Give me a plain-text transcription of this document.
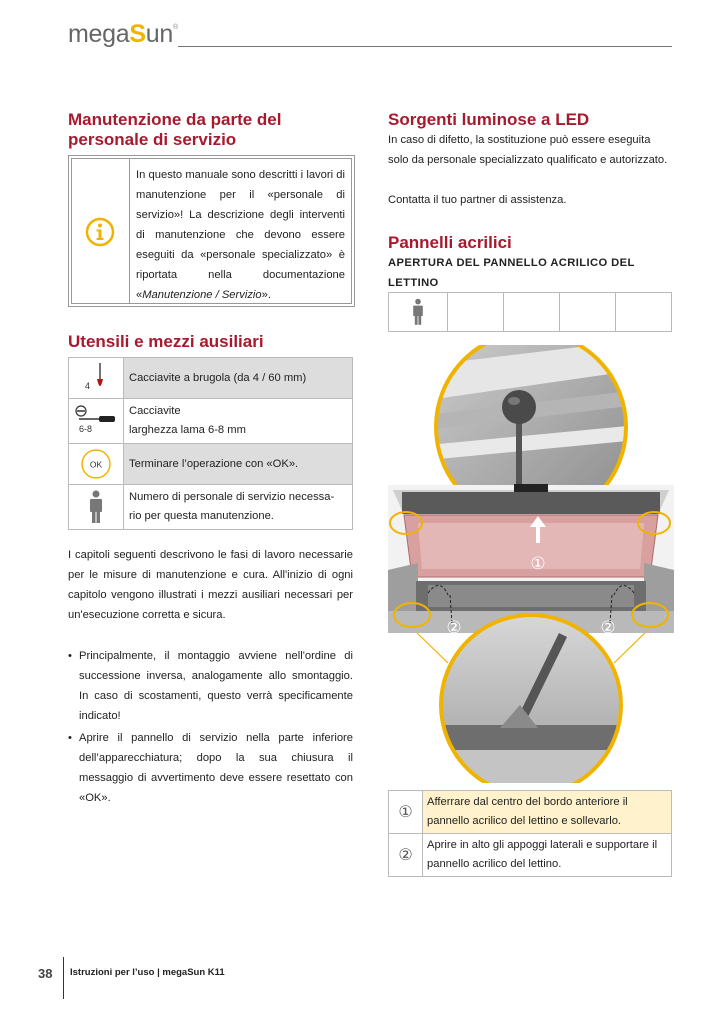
megaSun®
Manutenzione da parte del
personale di servizio
In questo manuale sono descritti i lavori di manutenzione per il «personale di servizio»! La descrizione degli interventi di manutenzione che devono essere eseguiti da «personale specializzato» è riportata nella documentazione «Manutenzione / Servizio».
Utensili e mezzi ausiliari
4	Cacciavite a brugola (da 4 / 60 mm)

6-8	Cacciavite
larghezza lama 6-8 mm

OK	Terminare l’operazione con «OK».

	Numero di personale di servizio necessa-
rio per questa manutenzione.

I capitoli seguenti descrivono le fasi di lavoro necessarie per le misure di manutenzione e cura. All'inizio di ogni capitolo vengono illustrati i mezzi ausiliari necessari per un'esecuzione corretta e sicura.

• Principalmente, il montaggio avviene nell'ordine di successione inversa, analogamente allo smontaggio. In caso di scostamenti, questo verrà specificamente indicato!
• Aprire il pannello di servizio nella parte inferiore dell’apparecchiatura; dopo la sua chiusura il messaggio di avvertimento deve essere resettato con «OK».
Sorgenti luminose a LED

In caso di difetto, la sostituzione può essere eseguita solo da personale specializzato qualificato e autorizzato.

Contatta il tuo partner di assistenza.

Pannelli acrilici
APERTURA DEL PANNELLO ACRILICO DEL
LETTINO

①
②	②
①	Afferrare dal centro del bordo anteriore il pannello acrilico del lettino e sollevarlo.
②	Aprire in alto gli appoggi laterali e supportare il pannello acrilico del lettino.
38 Istruzioni per l’uso | megaSun K11
